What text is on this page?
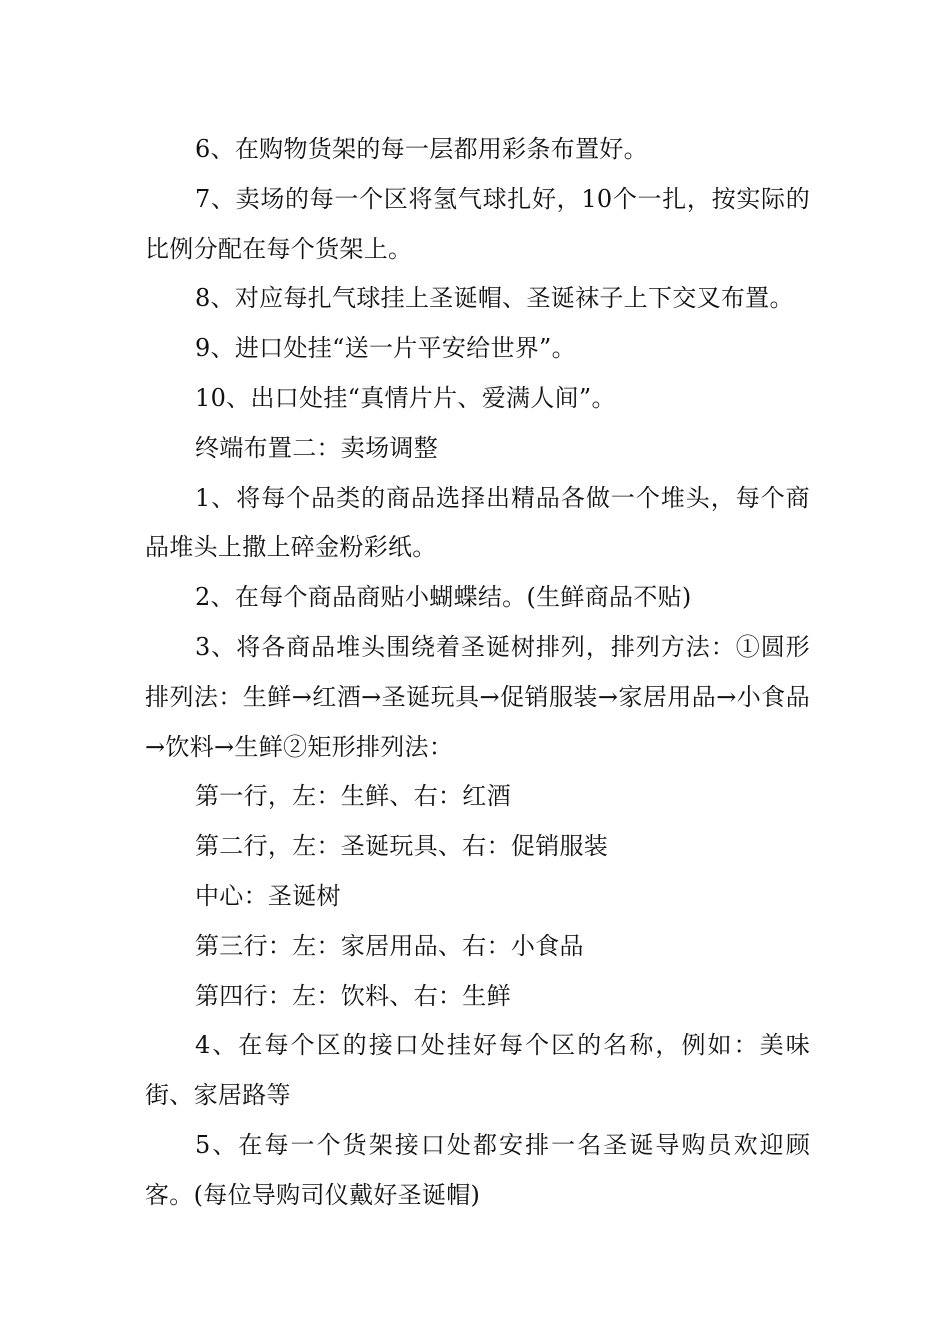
6、在购物货架的每一层都用彩条布置好。

7、卖场的每一个区将氢气球扎好，10个一扎，按实际的比例分配在每个货架上。

8、对应每扎气球挂上圣诞帽、圣诞袜子上下交叉布置。

9、进口处挂“送一片平安给世界”。

10、出口处挂“真情片片、爱满人间”。

终端布置二：卖场调整

1、将每个品类的商品选择出精品各做一个堆头，每个商品堆头上撒上碎金粉彩纸。

2、在每个商品商贴小蝴蝶结。(生鲜商品不贴)

3、将各商品堆头围绕着圣诞树排列，排列方法：①圆形排列法：生鲜→红酒→圣诞玩具→促销服装→家居用品→小食品→饮料→生鲜②矩形排列法：

第一行，左：生鲜、右：红酒

第二行，左：圣诞玩具、右：促销服装

中心：圣诞树

第三行：左：家居用品、右：小食品

第四行：左：饮料、右：生鲜

4、在每个区的接口处挂好每个区的名称，例如：美味街、家居路等

5、在每一个货架接口处都安排一名圣诞导购员欢迎顾客。(每位导购司仪戴好圣诞帽)
